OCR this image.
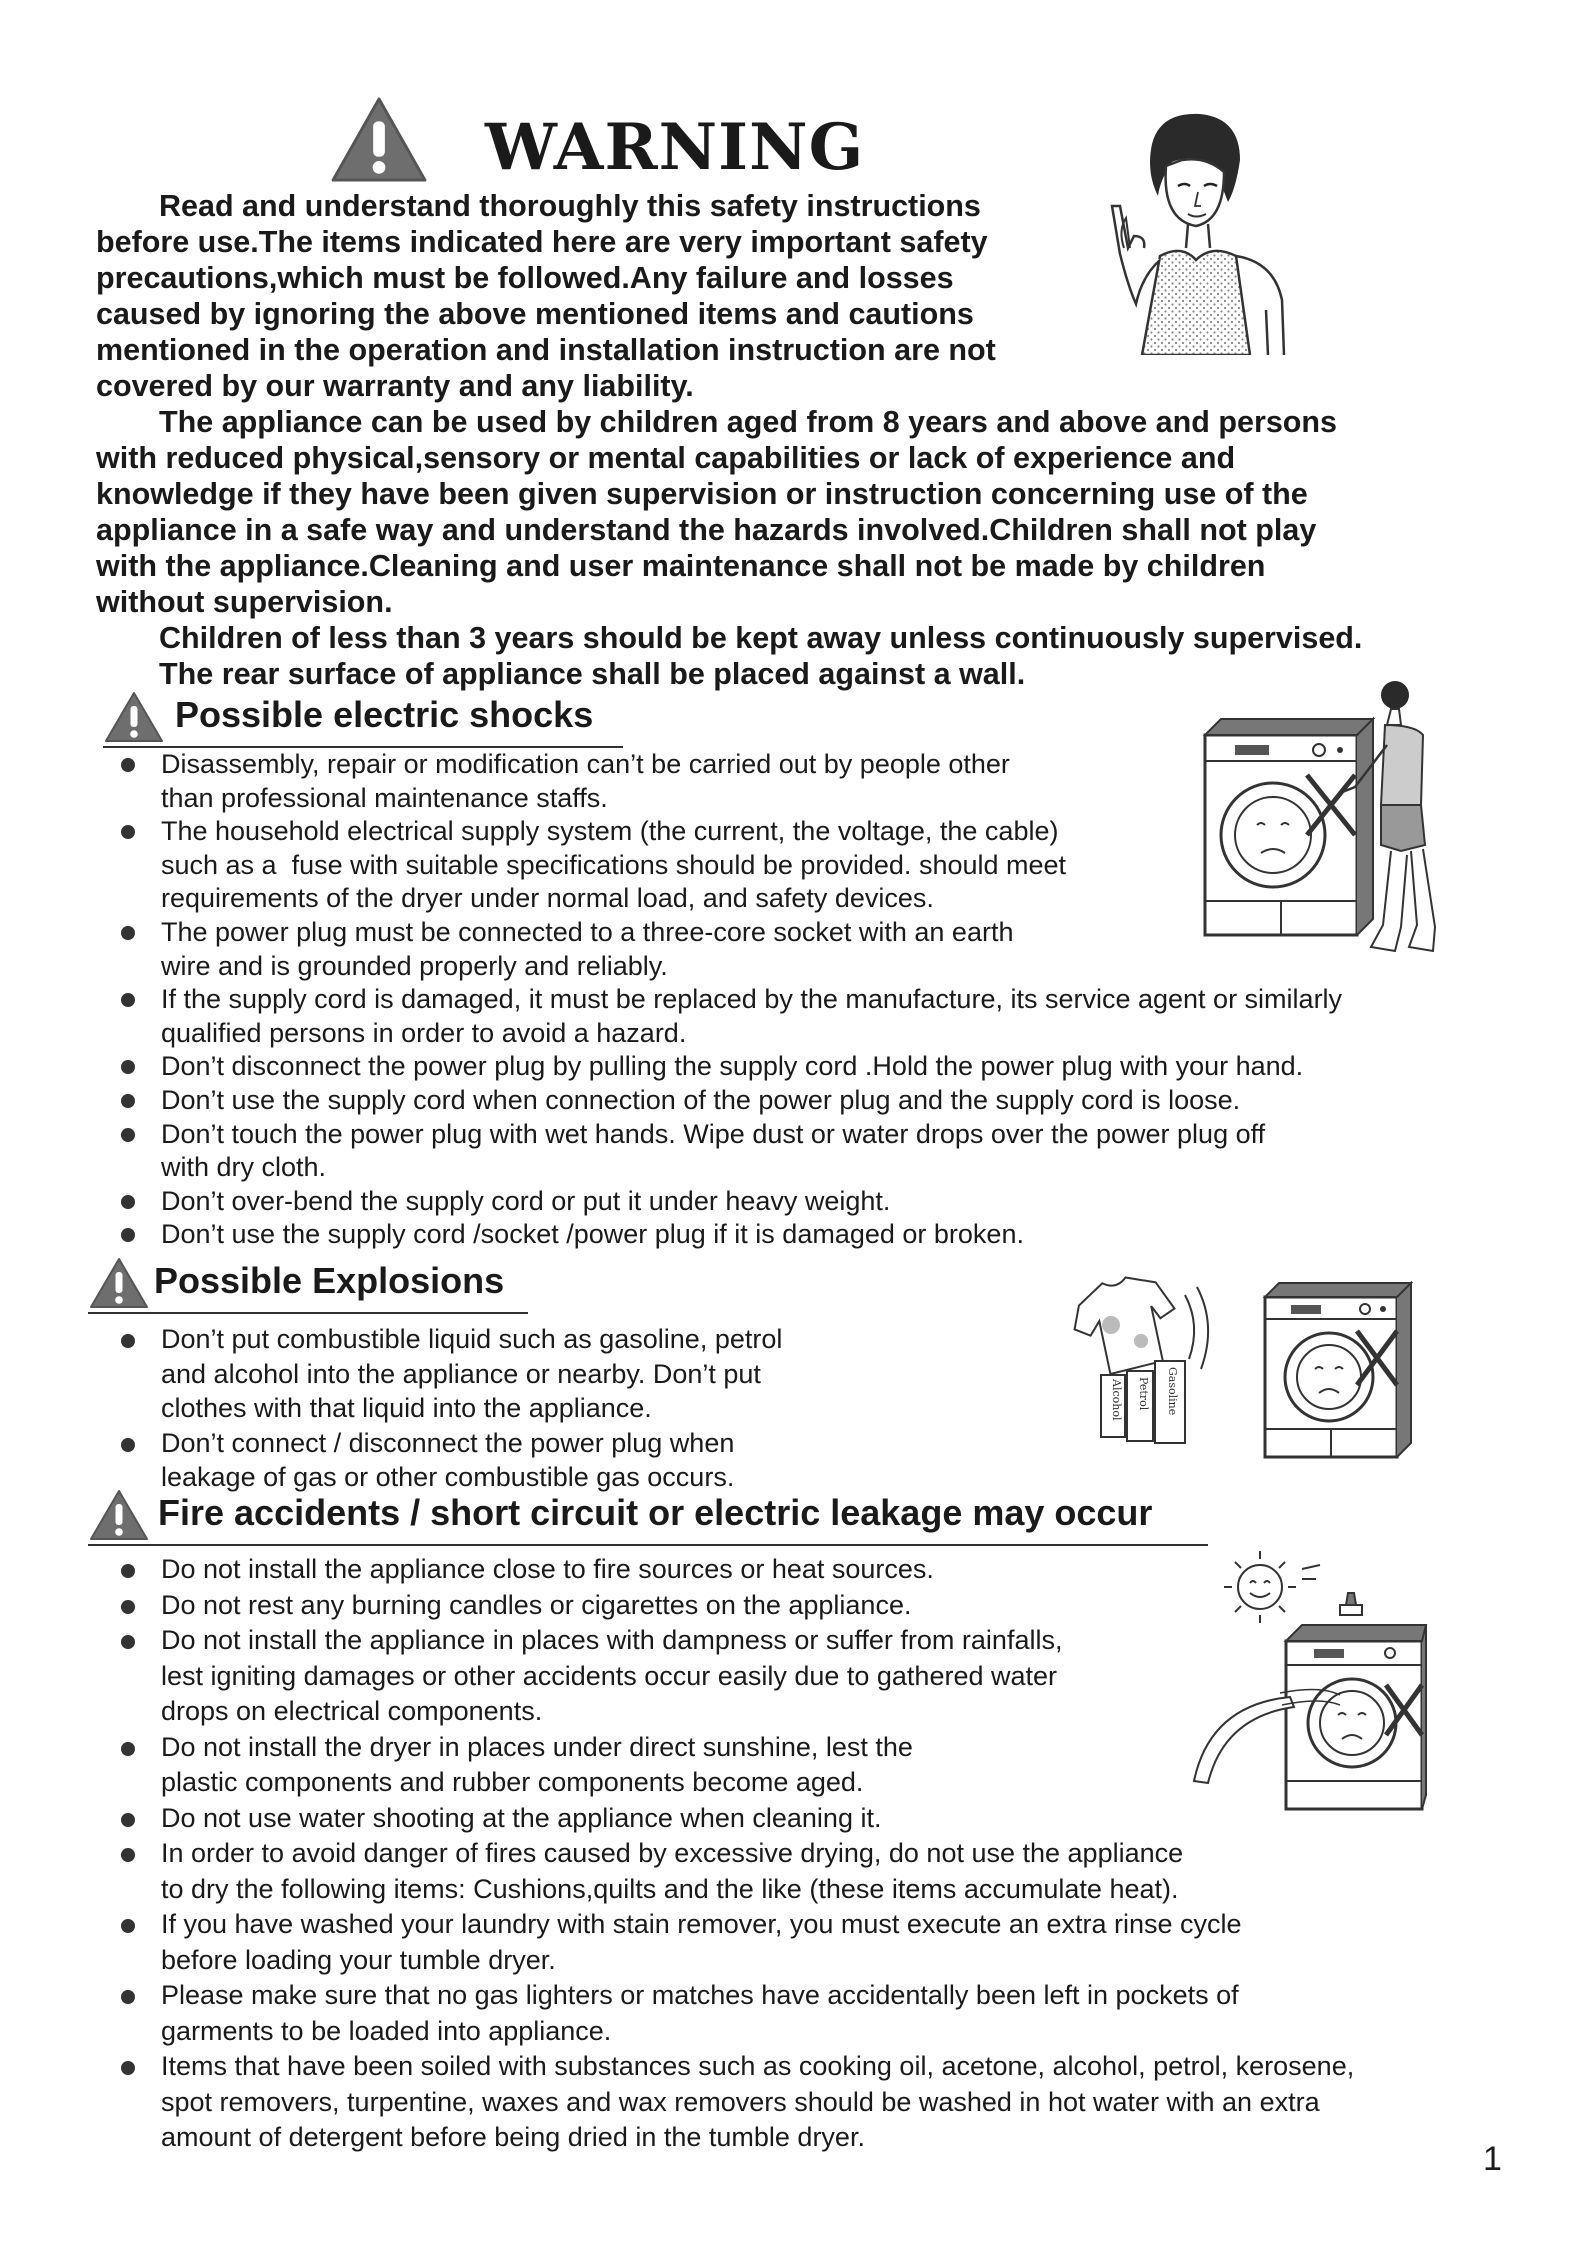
WARNING
Read and understand thoroughly this safety instructions
before use.The items indicated here are very important safety
precautions,which must be followed.Any failure and losses
caused by ignoring the above mentioned items and cautions
mentioned in the operation and installation instruction are not
covered by our warranty and any liability.
The appliance can be used by children aged from 8 years and above and persons
with reduced physical,sensory or mental capabilities or lack of experience and
knowledge if they have been given supervision or instruction concerning use of the
appliance in a safe way and understand the hazards involved.Children shall not play
with the appliance.Cleaning and user maintenance shall not be made by children
without supervision.
Children of less than 3 years should be kept away unless continuously supervised.
The rear surface of appliance shall be placed against a wall.
Possible electric shocks
Disassembly, repair or modification can’t be carried out by people other
than professional maintenance staffs.
The household electrical supply system (the current, the voltage, the cable)
such as a  fuse with suitable specifications should be provided. should meet
requirements of the dryer under normal load, and safety devices.
The power plug must be connected to a three-core socket with an earth
wire and is grounded properly and reliably.
If the supply cord is damaged, it must be replaced by the manufacture, its service agent or similarly
qualified persons in order to avoid a hazard.
Don’t disconnect the power plug by pulling the supply cord .Hold the power plug with your hand.
Don’t use the supply cord when connection of the power plug and the supply cord is loose.
Don’t touch the power plug with wet hands. Wipe dust or water drops over the power plug off
with dry cloth.
Don’t over-bend the supply cord or put it under heavy weight.
Don’t use the supply cord /socket /power plug if it is damaged or broken.
Possible Explosions
Don’t put combustible liquid such as gasoline, petrol
and alcohol into the appliance or nearby. Don’t put
clothes with that liquid into the appliance.
Don’t connect / disconnect the power plug when
leakage of gas or other combustible gas occurs.
Alcohol Petrol Gasoline
Fire accidents / short circuit or electric leakage may occur
Do not install the appliance close to fire sources or heat sources.
Do not rest any burning candles or cigarettes on the appliance.
Do not install the appliance in places with dampness or suffer from rainfalls,
lest igniting damages or other accidents occur easily due to gathered water
drops on electrical components.
Do not install the dryer in places under direct sunshine, lest the
plastic components and rubber components become aged.
Do not use water shooting at the appliance when cleaning it.
In order to avoid danger of fires caused by excessive drying, do not use the appliance
to dry the following items: Cushions,quilts and the like (these items accumulate heat).
If you have washed your laundry with stain remover, you must execute an extra rinse cycle
before loading your tumble dryer.
Please make sure that no gas lighters or matches have accidentally been left in pockets of
garments to be loaded into appliance.
Items that have been soiled with substances such as cooking oil, acetone, alcohol, petrol, kerosene,
spot removers, turpentine, waxes and wax removers should be washed in hot water with an extra
amount of detergent before being dried in the tumble dryer.
1
